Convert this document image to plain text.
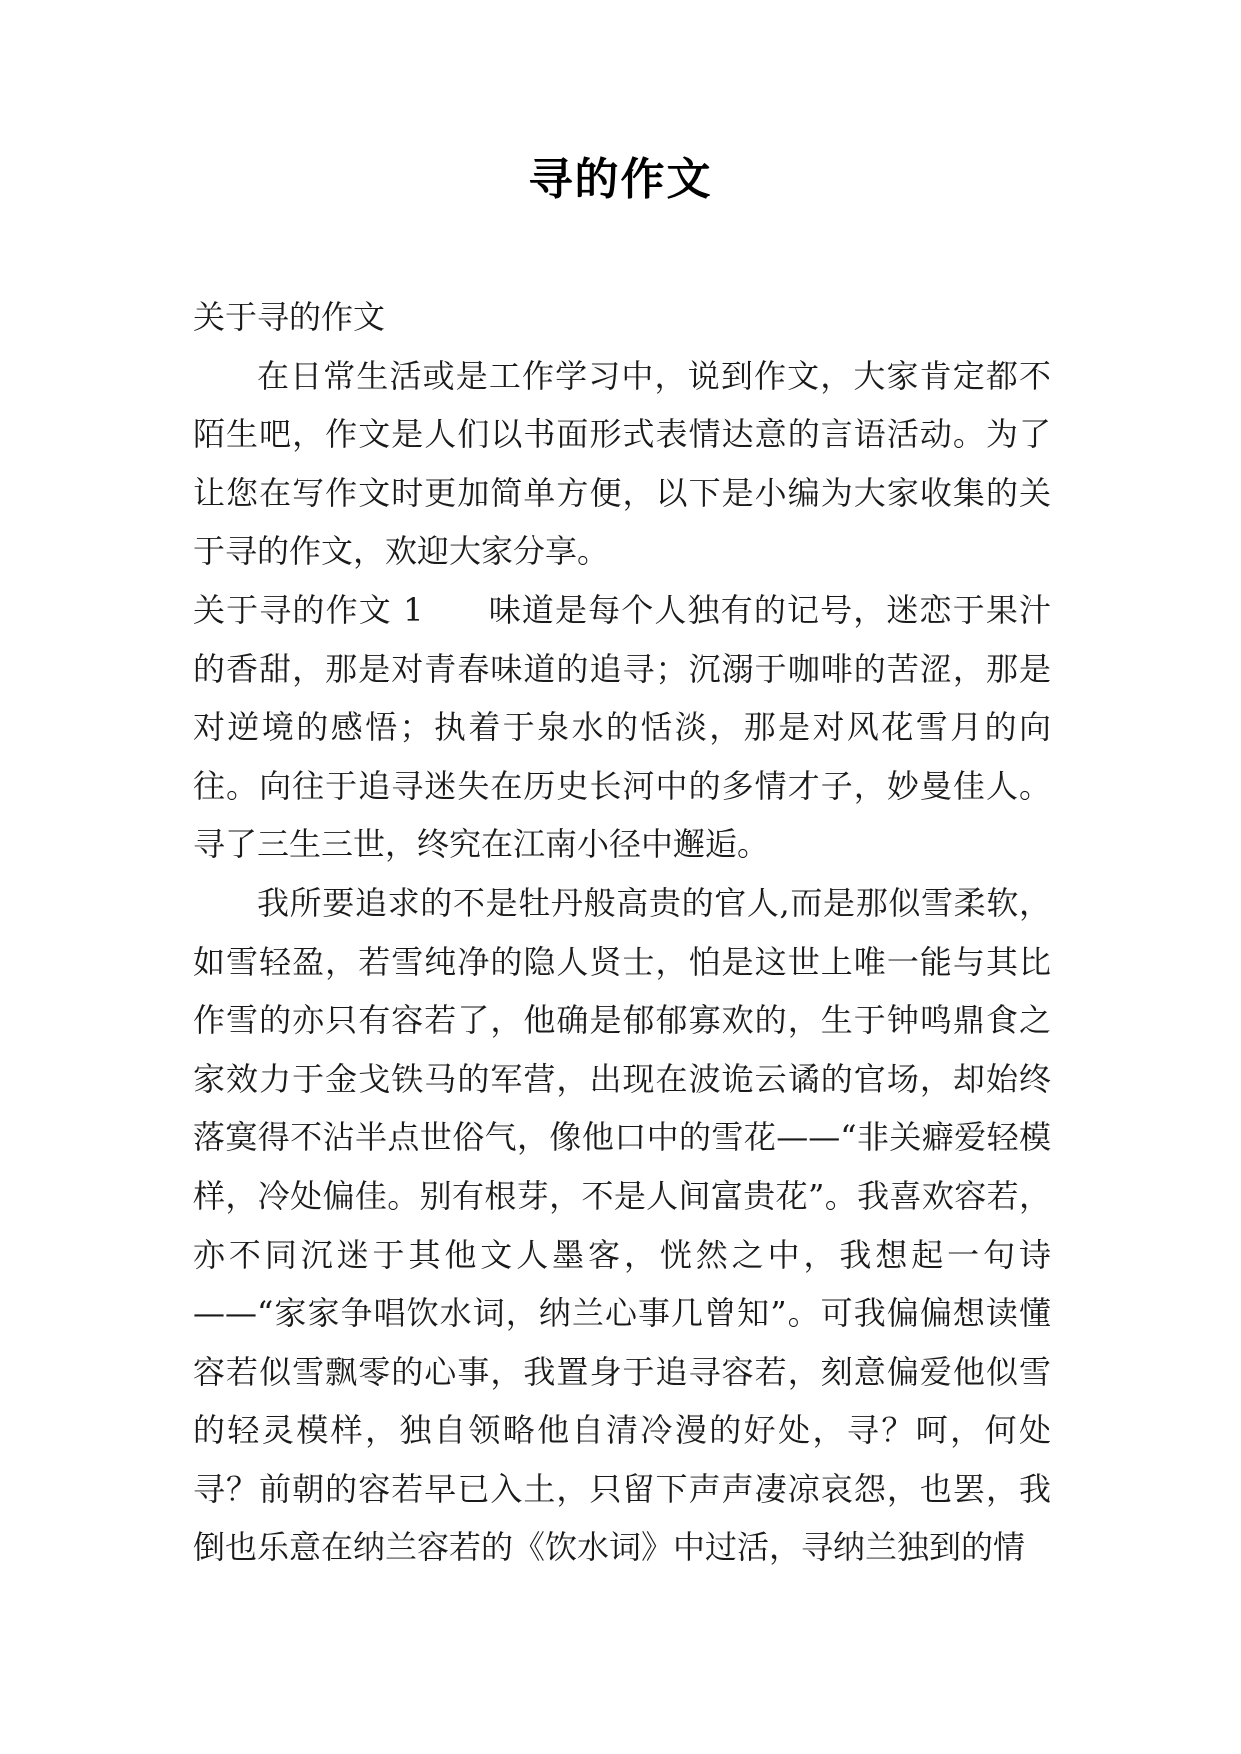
寻的作文

关于寻的作文

在日常生活或是工作学习中，说到作文，大家肯定都不陌生吧，作文是人们以书面形式表情达意的言语活动。为了让您在写作文时更加简单方便，以下是小编为大家收集的关于寻的作文，欢迎大家分享。

关于寻的作文 1 味道是每个人独有的记号，迷恋于果汁的香甜，那是对青春味道的追寻；沉溺于咖啡的苦涩，那是对逆境的感悟；执着于泉水的恬淡，那是对风花雪月的向往。向往于追寻迷失在历史长河中的多情才子，妙曼佳人。寻了三生三世，终究在江南小径中邂逅。

我所要追求的不是牡丹般高贵的官人,而是那似雪柔软，如雪轻盈，若雪纯净的隐人贤士，怕是这世上唯一能与其比作雪的亦只有容若了，他确是郁郁寡欢的，生于钟鸣鼎食之家效力于金戈铁马的军营，出现在波诡云谲的官场，却始终落寞得不沾半点世俗气，像他口中的雪花——“非关癖爱轻模样，冷处偏佳。别有根芽，不是人间富贵花”。我喜欢容若，亦不同沉迷于其他文人墨客，恍然之中，我想起一句诗——“家家争唱饮水词，纳兰心事几曾知”。可我偏偏想读懂容若似雪飘零的心事，我置身于追寻容若，刻意偏爱他似雪的轻灵模样，独自领略他自清冷漫的好处，寻？呵，何处寻？前朝的容若早已入土，只留下声声凄凉哀怨，也罢，我倒也乐意在纳兰容若的《饮水词》中过活，寻纳兰独到的情
